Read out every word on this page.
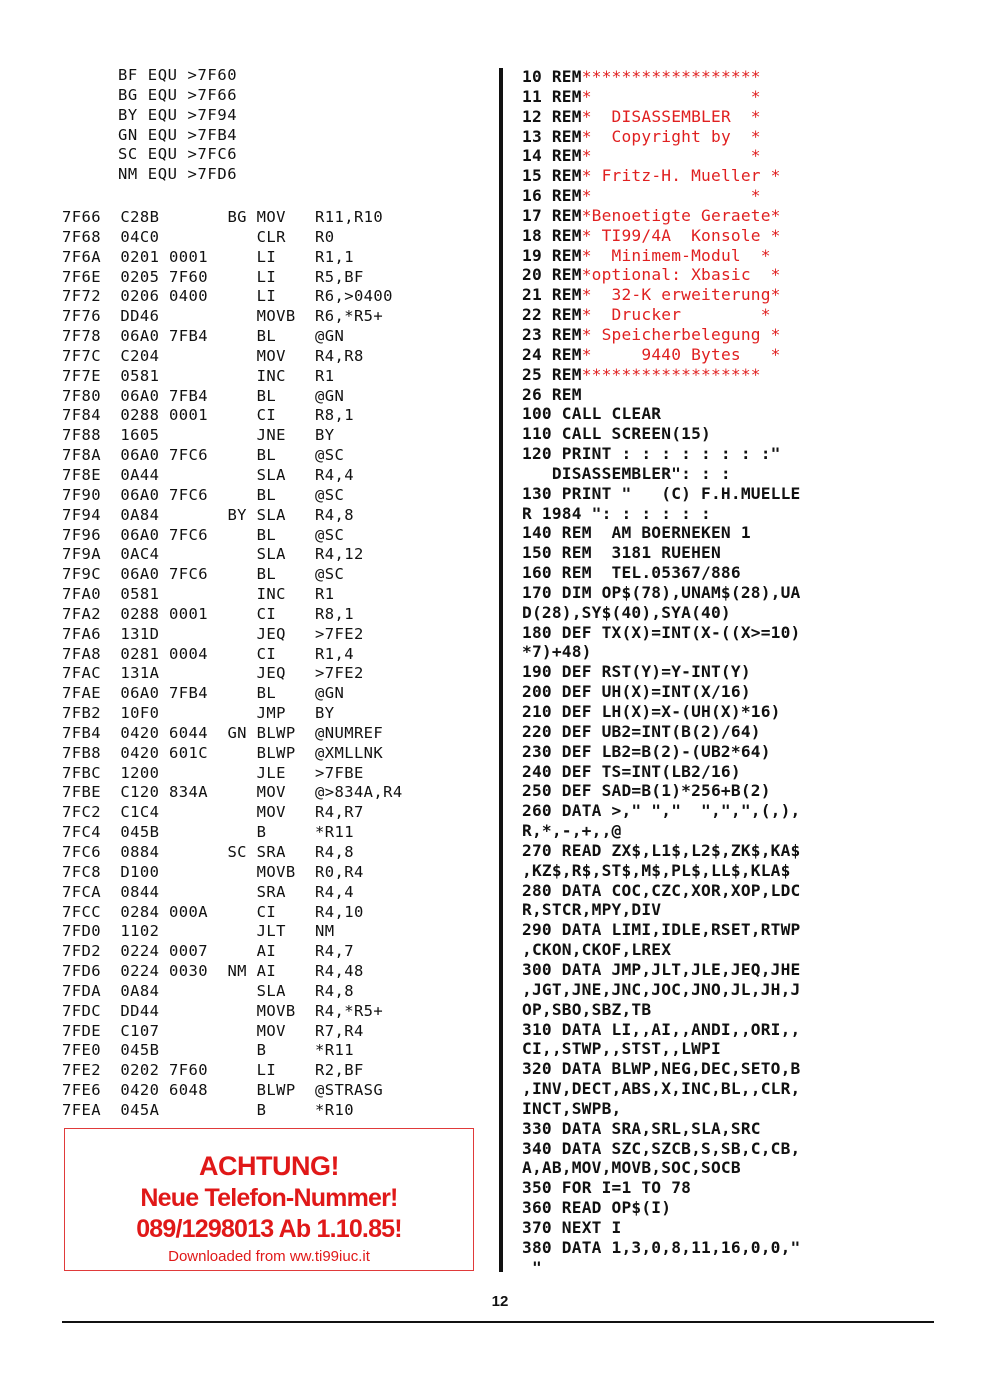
BF EQU >7F60
BG EQU >7F66
BY EQU >7F94
GN EQU >7FB4
SC EQU >7FC6
NM EQU >7FD6
7F66  C28B       BG MOV   R11,R10
7F68  04C0          CLR   R0
7F6A  0201 0001     LI    R1,1
7F6E  0205 7F60     LI    R5,BF
7F72  0206 0400     LI    R6,>0400
7F76  DD46          MOVB  R6,*R5+
7F78  06A0 7FB4     BL    @GN
7F7C  C204          MOV   R4,R8
7F7E  0581          INC   R1
7F80  06A0 7FB4     BL    @GN
7F84  0288 0001     CI    R8,1
7F88  1605          JNE   BY
7F8A  06A0 7FC6     BL    @SC
7F8E  0A44          SLA   R4,4
7F90  06A0 7FC6     BL    @SC
7F94  0A84       BY SLA   R4,8
7F96  06A0 7FC6     BL    @SC
7F9A  0AC4          SLA   R4,12
7F9C  06A0 7FC6     BL    @SC
7FA0  0581          INC   R1
7FA2  0288 0001     CI    R8,1
7FA6  131D          JEQ   >7FE2
7FA8  0281 0004     CI    R1,4
7FAC  131A          JEQ   >7FE2
7FAE  06A0 7FB4     BL    @GN
7FB2  10F0          JMP   BY
7FB4  0420 6044  GN BLWP  @NUMREF
7FB8  0420 601C     BLWP  @XMLLNK
7FBC  1200          JLE   >7FBE
7FBE  C120 834A     MOV   @>834A,R4
7FC2  C1C4          MOV   R4,R7
7FC4  045B          B     *R11
7FC6  0884       SC SRA   R4,8
7FC8  D100          MOVB  R0,R4
7FCA  0844          SRA   R4,4
7FCC  0284 000A     CI    R4,10
7FD0  1102          JLT   NM
7FD2  0224 0007     AI    R4,7
7FD6  0224 0030  NM AI    R4,48
7FDA  0A84          SLA   R4,8
7FDC  DD44          MOVB  R4,*R5+
7FDE  C107          MOV   R7,R4
7FE0  045B          B     *R11
7FE2  0202 7F60     LI    R2,BF
7FE6  0420 6048     BLWP  @STRASG
7FEA  045A          B     *R10
10 REM******************
11 REM*                *
12 REM*  DISASSEMBLER  *
13 REM*  Copyright by  *
14 REM*                *
15 REM* Fritz-H. Mueller *
16 REM*                *
17 REM*Benoetigte Geraete*
18 REM* TI99/4A  Konsole *
19 REM*  Minimem-Modul  *
20 REM*optional: Xbasic  *
21 REM*  32-K erweiterung*
22 REM*  Drucker        *
23 REM* Speicherbelegung *
24 REM*     9440 Bytes   *
25 REM******************
26 REM
100 CALL CLEAR
110 CALL SCREEN(15)
120 PRINT : : : : : : : :"
DISASSEMBLER": : :
130 PRINT "   (C) F.H.MUELLE
R 1984 ": : : : : :
140 REM  AM BOERNEKEN 1
150 REM  3181 RUEHEN
160 REM  TEL.05367/886
170 DIM OP$(78),UNAM$(28),UA
D(28),SY$(40),SYA(40)
180 DEF TX(X)=INT(X-((X>=10)
*7)+48)
190 DEF RST(Y)=Y-INT(Y)
200 DEF UH(X)=INT(X/16)
210 DEF LH(X)=X-(UH(X)*16)
220 DEF UB2=INT(B(2)/64)
230 DEF LB2=B(2)-(UB2*64)
240 DEF TS=INT(LB2/16)
250 DEF SAD=B(1)*256+B(2)
260 DATA >," ","  ",",",(,),
R,*,-,+,,@
270 READ ZX$,L1$,L2$,ZK$,KA$
,KZ$,R$,ST$,M$,PL$,LL$,KLA$
280 DATA COC,CZC,XOR,XOP,LDC
R,STCR,MPY,DIV
290 DATA LIMI,IDLE,RSET,RTWP
,CKON,CKOF,LREX
300 DATA JMP,JLT,JLE,JEQ,JHE
,JGT,JNE,JNC,JOC,JNO,JL,JH,J
OP,SBO,SBZ,TB
310 DATA LI,,AI,,ANDI,,ORI,,
CI,,STWP,,STST,,LWPI
320 DATA BLWP,NEG,DEC,SETO,B
,INV,DECT,ABS,X,INC,BL,,CLR,
INCT,SWPB,
330 DATA SRA,SRL,SLA,SRC
340 DATA SZC,SZCB,S,SB,C,CB,
A,AB,MOV,MOVB,SOC,SOCB
350 FOR I=1 TO 78
360 READ OP$(I)
370 NEXT I
380 DATA 1,3,0,8,11,16,0,0,"
"
ACHTUNG!
Neue Telefon-Nummer!
089/1298013 Ab 1.10.85!
Downloaded from ww.ti99iuc.it
12
